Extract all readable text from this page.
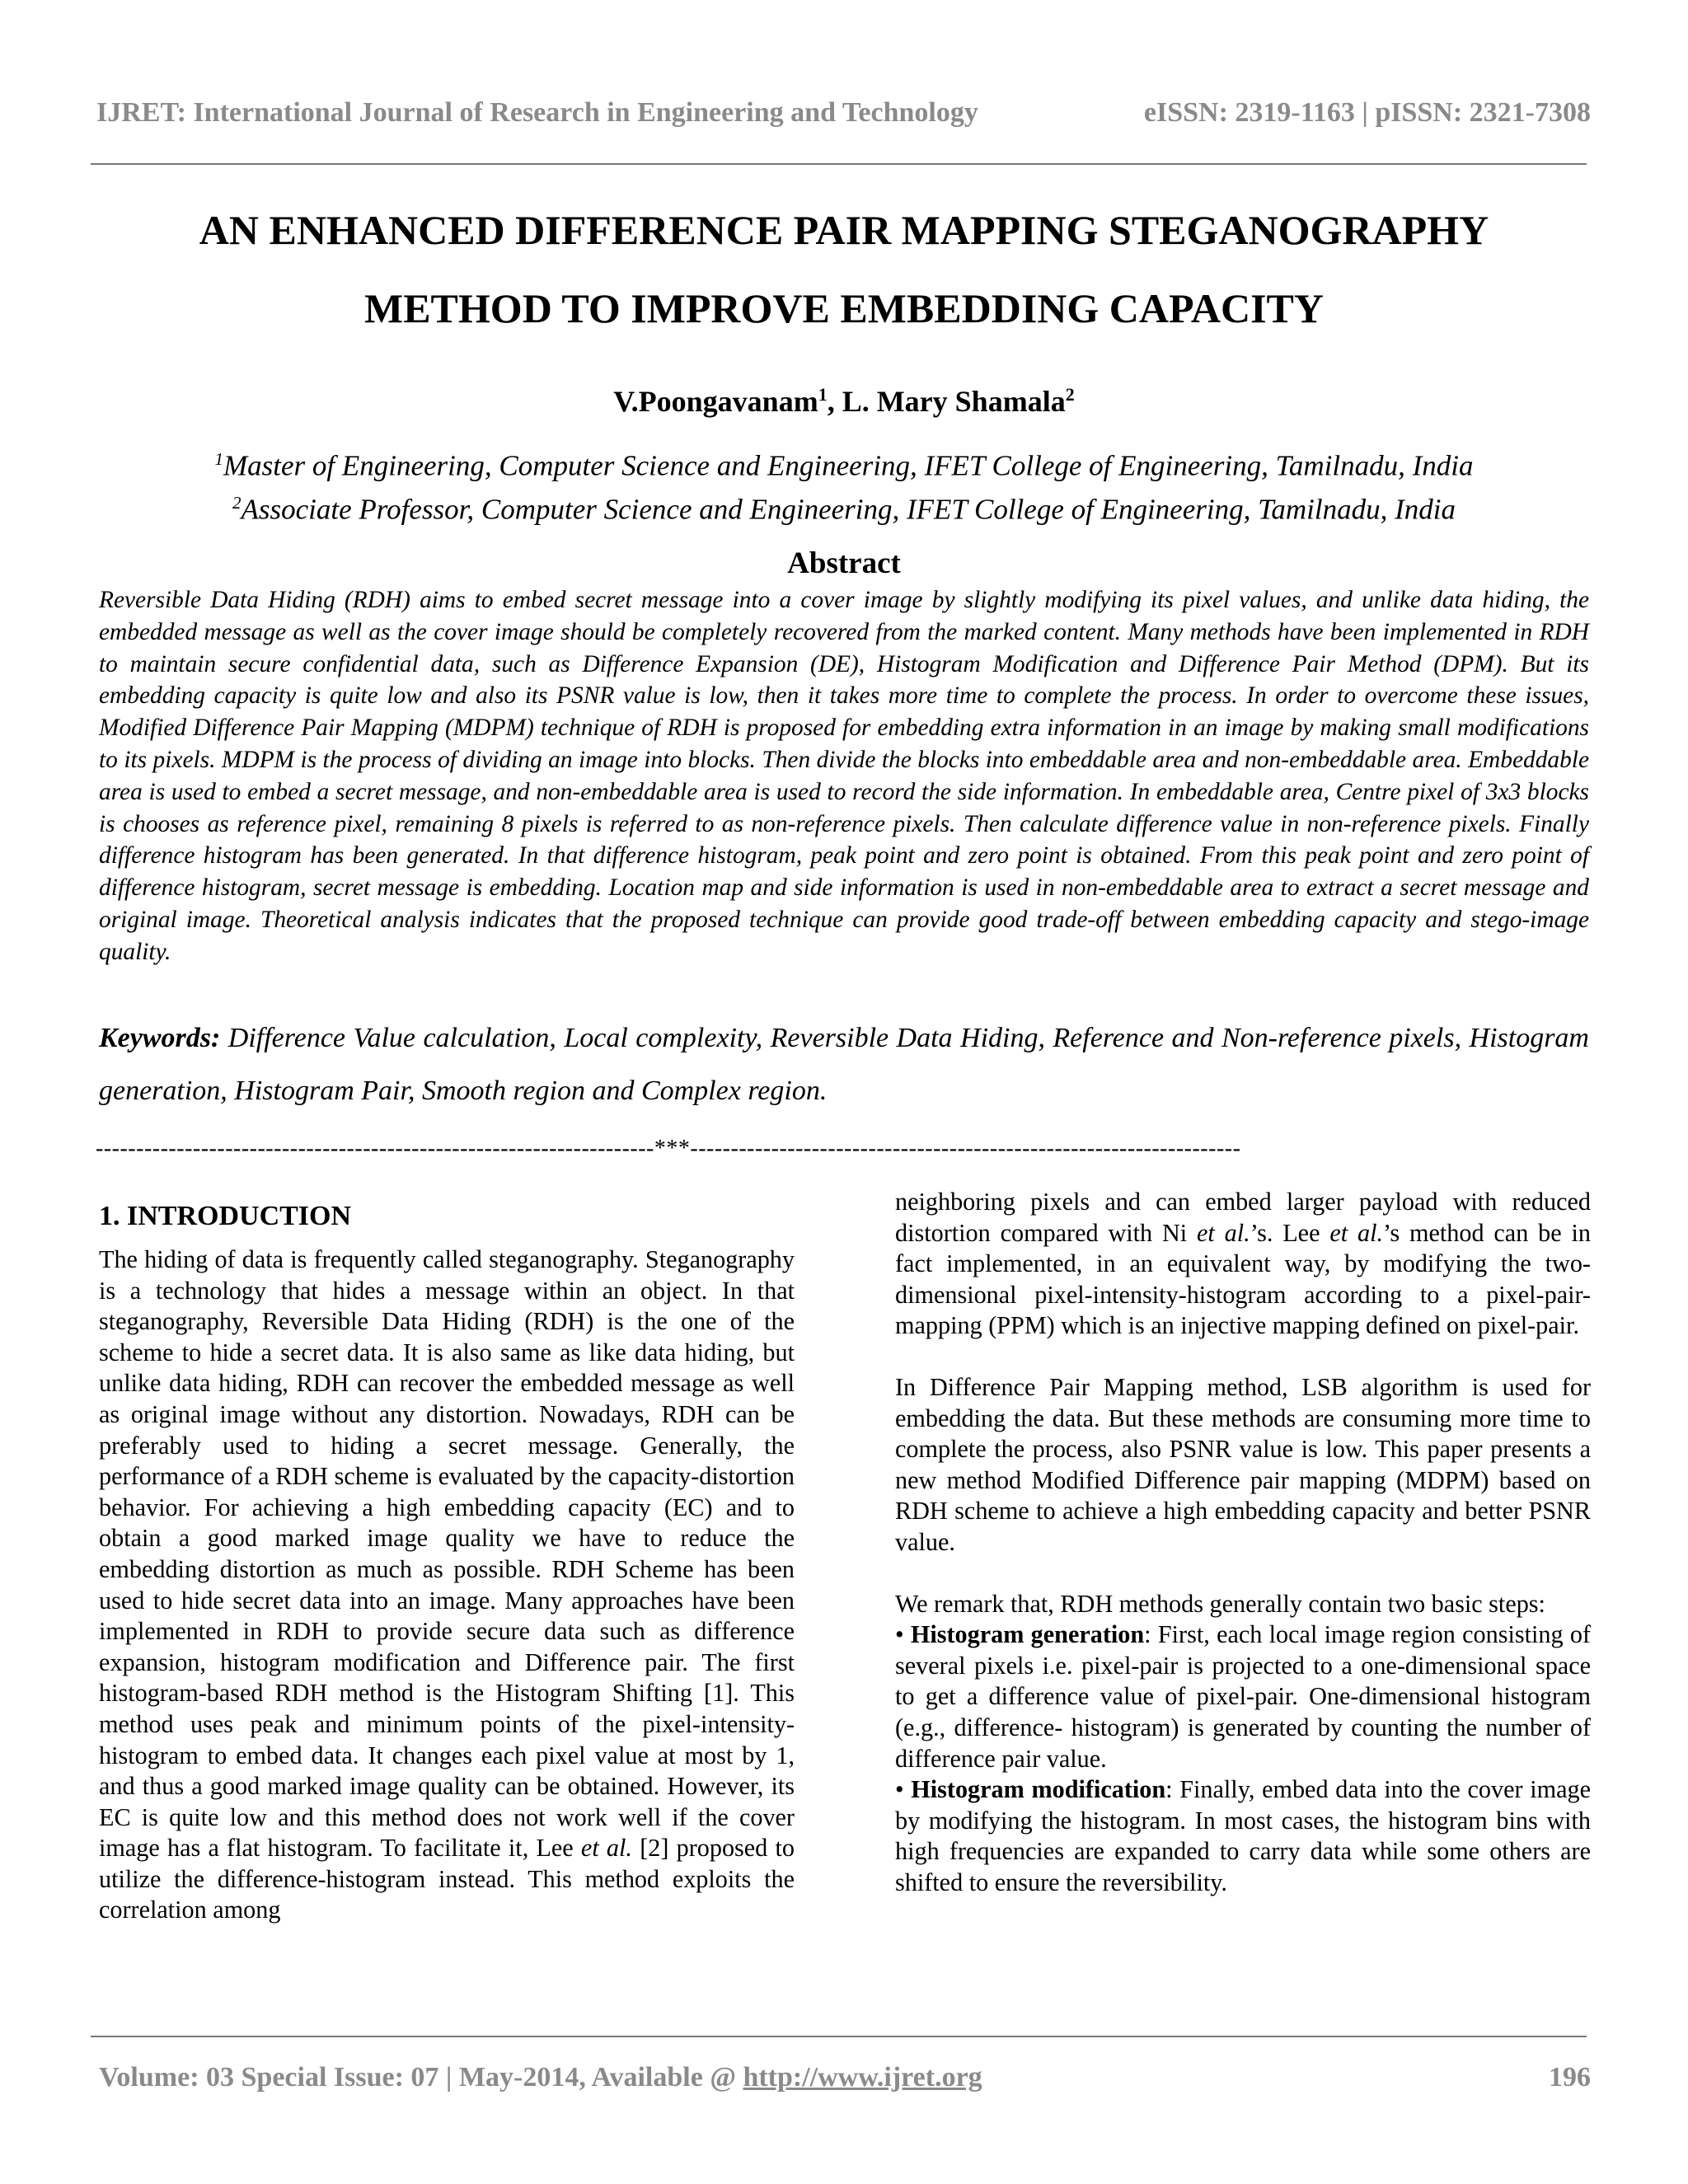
IJRET: International Journal of Research in Engineering and Technology	eISSN: 2319-1163 | pISSN: 2321-7308
AN ENHANCED DIFFERENCE PAIR MAPPING STEGANOGRAPHY
METHOD TO IMPROVE EMBEDDING CAPACITY
V.Poongavanam$^1$, L. Mary Shamala$^2$
$^1$Master of Engineering, Computer Science and Engineering, IFET College of Engineering, Tamilnadu, India
$^2$Associate Professor, Computer Science and Engineering, IFET College of Engineering, Tamilnadu, India
Abstract
Reversible Data Hiding (RDH) aims to embed secret message into a cover image by slightly modifying its pixel values, and unlike data hiding, the embedded message as well as the cover image should be completely recovered from the marked content. Many methods have been implemented in RDH to maintain secure confidential data, such as Difference Expansion (DE), Histogram Modification and Difference Pair Method (DPM). But its embedding capacity is quite low and also its PSNR value is low, then it takes more time to complete the process. In order to overcome these issues, Modified Difference Pair Mapping (MDPM) technique of RDH is proposed for embedding extra information in an image by making small modifications to its pixels. MDPM is the process of dividing an image into blocks. Then divide the blocks into embeddable area and non-embeddable area. Embeddable area is used to embed a secret message, and non-embeddable area is used to record the side information. In embeddable area, Centre pixel of 3x3 blocks is chooses as reference pixel, remaining 8 pixels is referred to as non-reference pixels. Then calculate difference value in non-reference pixels. Finally difference histogram has been generated. In that difference histogram, peak point and zero point is obtained. From this peak point and zero point of difference histogram, secret message is embedding. Location map and side information is used in non-embeddable area to extract a secret message and original image. Theoretical analysis indicates that the proposed technique can provide good trade-off between embedding capacity and stego-image quality.
Keywords: Difference Value calculation, Local complexity, Reversible Data Hiding, Reference and Non-reference pixels, Histogram generation, Histogram Pair, Smooth region and Complex region.
---------------------------------------------------------------------***--------------------------------------------------------------------
1. INTRODUCTION

The hiding of data is frequently called steganography. Steganography is a technology that hides a message within an object. In that steganography, Reversible Data Hiding (RDH) is the one of the scheme to hide a secret data. It is also same as like data hiding, but unlike data hiding, RDH can recover the embedded message as well as original image without any distortion. Nowadays, RDH can be preferably used to hiding a secret message. Generally, the performance of a RDH scheme is evaluated by the capacity-distortion behavior. For achieving a high embedding capacity (EC) and to obtain a good marked image quality we have to reduce the embedding distortion as much as possible. RDH Scheme has been used to hide secret data into an image. Many approaches have been implemented in RDH to provide secure data such as difference expansion, histogram modification and Difference pair. The first histogram-based RDH method is the Histogram Shifting [1]. This method uses peak and minimum points of the pixel-intensity-histogram to embed data. It changes each pixel value at most by 1, and thus a good marked image quality can be obtained. However, its EC is quite low and this method does not work well if the cover image has a flat histogram. To facilitate it, Lee et al. [2] proposed to utilize the difference-histogram instead. This method exploits the correlation among

neighboring pixels and can embed larger payload with reduced distortion compared with Ni et al.’s. Lee et al.’s method can be in fact implemented, in an equivalent way, by modifying the two-dimensional pixel-intensity-histogram according to a pixel-pair-mapping (PPM) which is an injective mapping defined on pixel-pair.

In Difference Pair Mapping method, LSB algorithm is used for embedding the data. But these methods are consuming more time to complete the process, also PSNR value is low. This paper presents a new method Modified Difference pair mapping (MDPM) based on RDH scheme to achieve a high embedding capacity and better PSNR value.

We remark that, RDH methods generally contain two basic steps:

• Histogram generation: First, each local image region consisting of several pixels i.e. pixel-pair is projected to a one-dimensional space to get a difference value of pixel-pair. One-dimensional histogram (e.g., difference- histogram) is generated by counting the number of difference pair value.

• Histogram modification: Finally, embed data into the cover image by modifying the histogram. In most cases, the histogram bins with high frequencies are expanded to carry data while some others are shifted to ensure the reversibility.

Volume: 03 Special Issue: 07 | May-2014, Available @ http://www.ijret.org	196
